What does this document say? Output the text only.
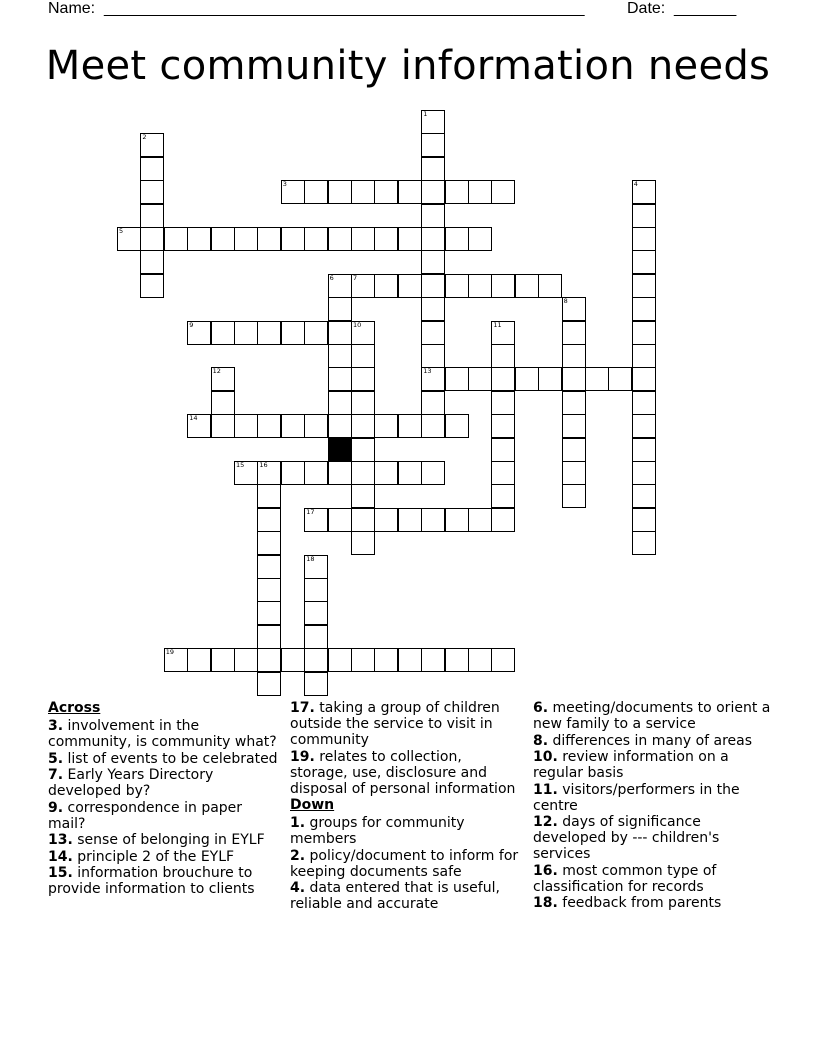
Name: ______________________________________________________	Date: _______
Meet community information needs
1
13
2
3	4
5
6	7
8
9	10	11
12
14
15 16
17
18
19
Across
3. involvement in the community, is community what?
5. list of events to be celebrated
7. Early Years Directory developed by?
9. correspondence in paper mail?
13. sense of belonging in EYLF
14. principle 2 of the EYLF
15. information brouchure to provide information to clients
17. taking a group of children outside the service to visit in community
19. relates to collection, storage, use, disclosure and disposal of personal information
Down
1. groups for community members
2. policy/document to inform for keeping documents safe
4. data entered that is useful, reliable and accurate
6. meeting/documents to orient a new family to a service
8. differences in many of areas
10. review information on a regular basis
11. visitors/performers in the centre
12. days of significance developed by --- children's services
16. most common type of classification for records
18. feedback from parents
